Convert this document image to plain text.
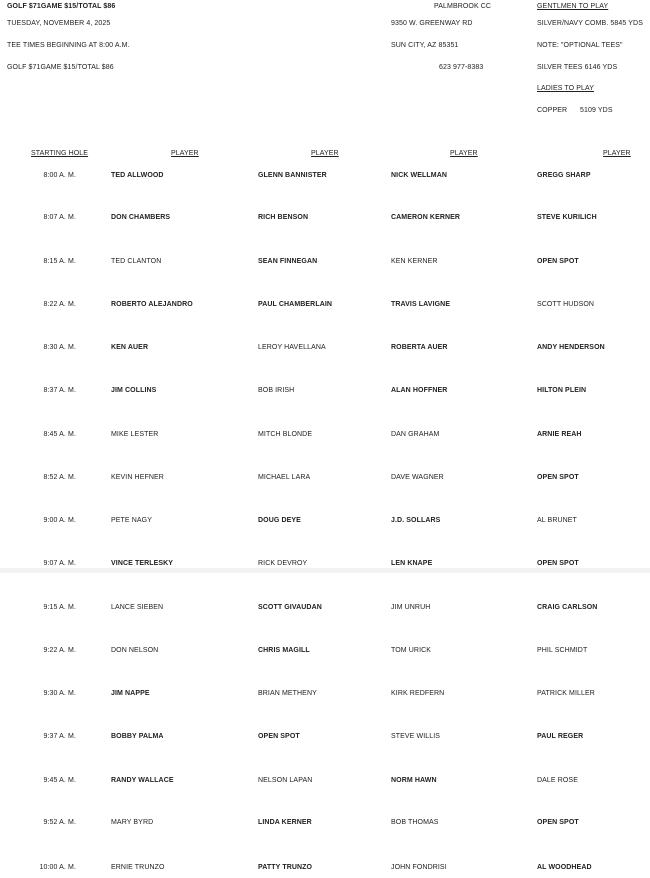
GOLF $71GAME $15/TOTAL $86
TUESDAY, NOVEMBER 4, 2025
TEE TIMES BEGINNING AT 8:00 A.M.
GOLF $71GAME $15/TOTAL $86
PALMBROOK CC
9350 W. GREENWAY RD
SUN CITY, AZ 85351
623 977-8383
GENTLMEN TO PLAY
SILVER/NAVY COMB. 5845 YDS
NOTE: "OPTIONAL TEES"
SILVER TEES 6146 YDS
LADIES TO PLAY
COPPER 5109 YDS
STARTING HOLE	PLAYER	PLAYER	PLAYER	PLAYER
8:00 A. M.	TED ALLWOOD	GLENN BANNISTER	NICK WELLMAN	GREGG SHARP
8:07 A. M.	DON CHAMBERS	RICH BENSON	CAMERON KERNER	STEVE KURILICH
8:15 A. M.	TED CLANTON	SEAN FINNEGAN	KEN KERNER	OPEN SPOT
8:22 A. M.	ROBERTO ALEJANDRO	PAUL CHAMBERLAIN	TRAVIS LAVIGNE	SCOTT HUDSON
8:30 A. M.	KEN AUER	LEROY HAVELLANA	ROBERTA AUER	ANDY HENDERSON
8:37 A. M.	JIM COLLINS	BOB IRISH	ALAN HOFFNER	HILTON PLEIN
8:45 A. M.	MIKE LESTER	MITCH BLONDE	DAN GRAHAM	ARNIE REAH
8:52 A. M.	KEVIN HEFNER	MICHAEL LARA	DAVE WAGNER	OPEN SPOT
9:00 A. M.	PETE NAGY	DOUG DEYE	J.D. SOLLARS	AL BRUNET
9:07 A. M.	VINCE TERLESKY	RICK DEVROY	LEN KNAPE	OPEN SPOT
9:15 A. M.	LANCE SIEBEN	SCOTT GIVAUDAN	JIM UNRUH	CRAIG CARLSON
9:22 A. M.	DON NELSON	CHRIS MAGILL	TOM URICK	PHIL SCHMIDT
9:30 A. M.	JIM NAPPE	BRIAN METHENY	KIRK REDFERN	PATRICK MILLER
9:37 A. M.	BOBBY PALMA	OPEN SPOT	STEVE WILLIS	PAUL REGER
9:45 A. M.	RANDY WALLACE	NELSON LAPAN	NORM HAWN	DALE ROSE
9:52 A. M.	MARY BYRD	LINDA KERNER	BOB THOMAS	OPEN SPOT
10:00 A. M.	ERNIE TRUNZO	PATTY TRUNZO	JOHN FONDRISI	AL WOODHEAD
